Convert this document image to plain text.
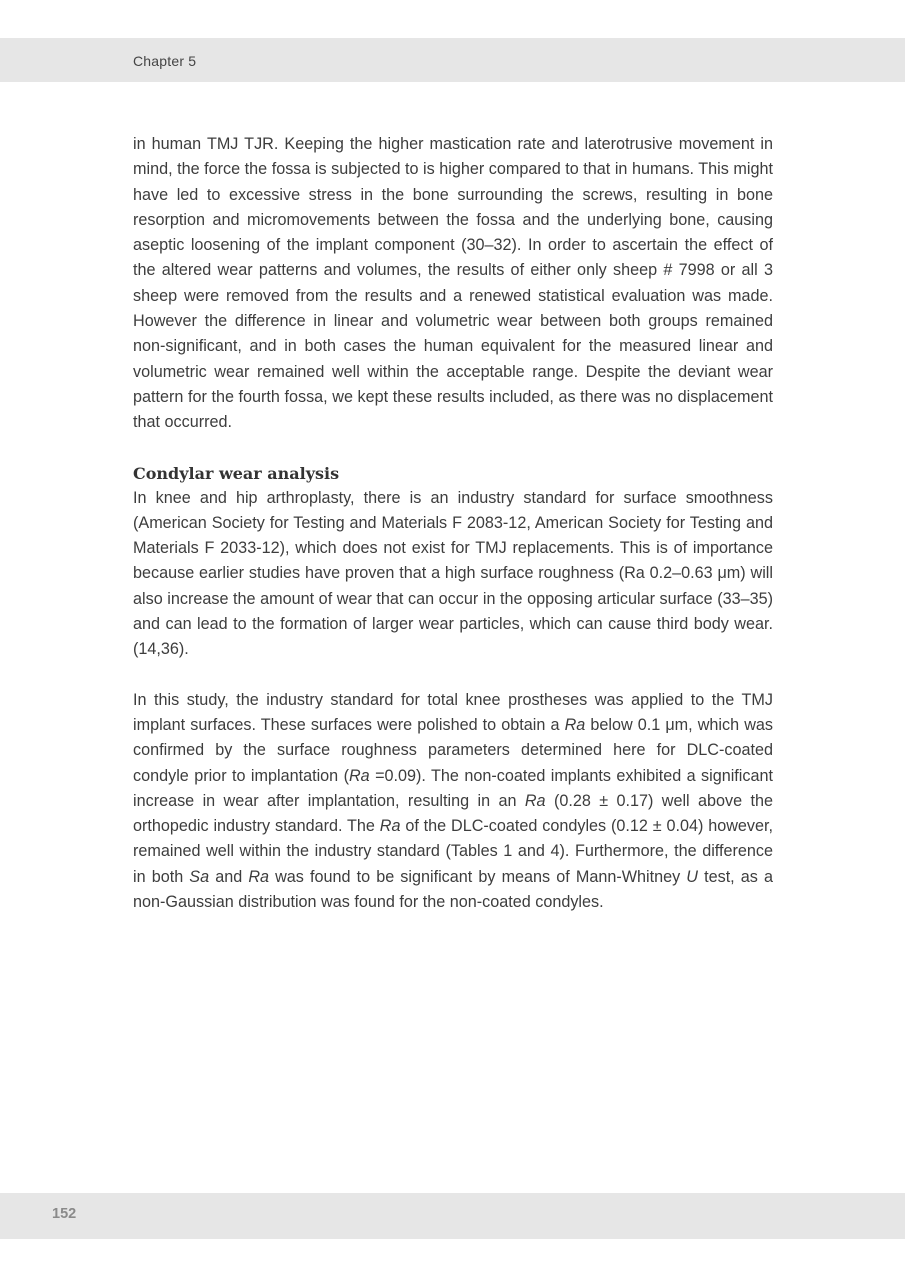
Chapter 5

in human TMJ TJR. Keeping the higher mastication rate and laterotrusive movement in mind, the force the fossa is subjected to is higher compared to that in humans. This might have led to excessive stress in the bone surrounding the screws, resulting in bone resorption and micromovements between the fossa and the underlying bone, causing aseptic loosening of the implant component (30–32). In order to ascertain the effect of the altered wear patterns and volumes, the results of either only sheep # 7998 or all 3 sheep were removed from the results and a renewed statistical evaluation was made. However the difference in linear and volumetric wear between both groups remained non-significant, and in both cases the human equivalent for the measured linear and volumetric wear remained well within the acceptable range. Despite the deviant wear pattern for the fourth fossa, we kept these results included, as there was no displacement that occurred.

Condylar wear analysis

In knee and hip arthroplasty, there is an industry standard for surface smoothness (American Society for Testing and Materials F 2083-12, American Society for Testing and Materials F 2033-12), which does not exist for TMJ replacements. This is of importance because earlier studies have proven that a high surface roughness (Ra 0.2–0.63 μm) will also increase the amount of wear that can occur in the opposing articular surface (33–35) and can lead to the formation of larger wear particles, which can cause third body wear. (14,36).

In this study, the industry standard for total knee prostheses was applied to the TMJ implant surfaces. These surfaces were polished to obtain a Ra below 0.1 μm, which was confirmed by the surface roughness parameters determined here for DLC-coated condyle prior to implantation (Ra =0.09). The non-coated implants exhibited a significant increase in wear after implantation, resulting in an Ra (0.28 ± 0.17) well above the orthopedic industry standard. The Ra of the DLC-coated condyles (0.12 ± 0.04) however, remained well within the industry standard (Tables 1 and 4). Furthermore, the difference in both Sa and Ra was found to be significant by means of Mann-Whitney U test, as a non-Gaussian distribution was found for the non-coated condyles.

152
